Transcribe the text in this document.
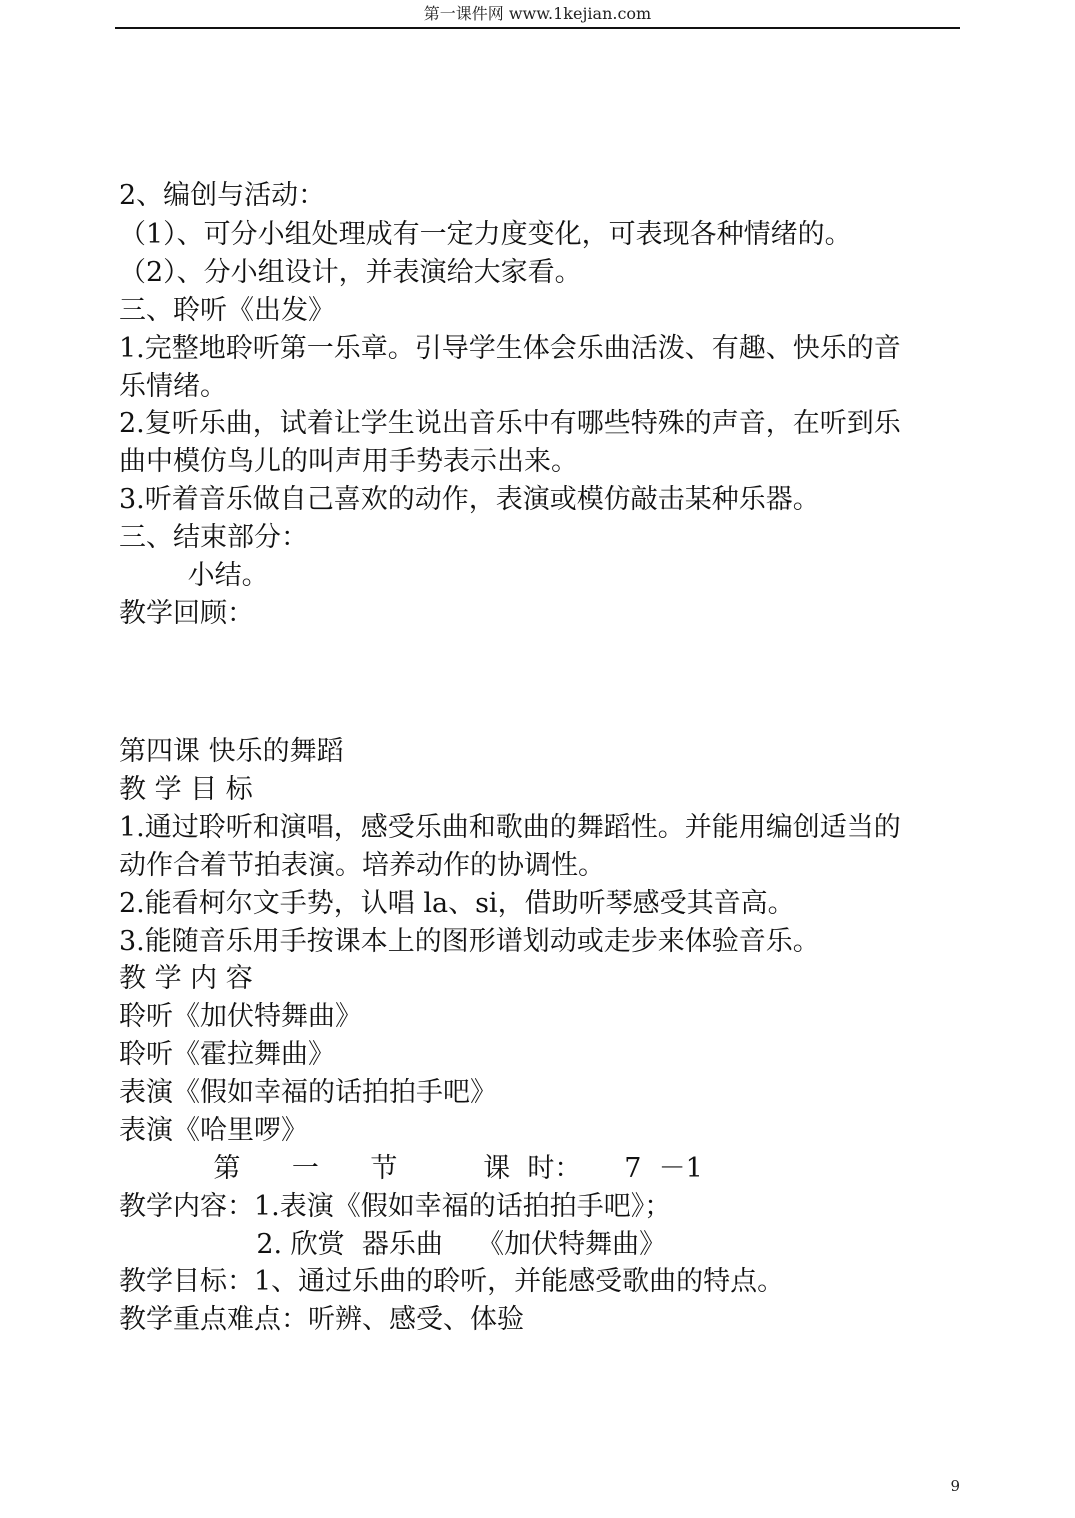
第一课件网 www.1kejian.com
2、编创与活动：
（1）、可分小组处理成有一定力度变化，可表现各种情绪的。
（2）、分小组设计，并表演给大家看。
三、聆听《出发》
1.完整地聆听第一乐章。引导学生体会乐曲活泼、有趣、快乐的音
乐情绪。
2.复听乐曲，试着让学生说出音乐中有哪些特殊的声音，在听到乐
曲中模仿鸟儿的叫声用手势表示出来。
3.听着音乐做自己喜欢的动作，表演或模仿敲击某种乐器。
三、结束部分：
小结。
教学回顾：
第四课 快乐的舞蹈
教 学 目 标
1.通过聆听和演唱，感受乐曲和歌曲的舞蹈性。并能用编创适当的
动作合着节拍表演。培养动作的协调性。
2.能看柯尔文手势，认唱 la、si，借助听琴感受其音高。
3.能随音乐用手按课本上的图形谱划动或走步来体验音乐。
教 学 内 容
聆听《加伏特舞曲》
聆听《霍拉舞曲》
表演《假如幸福的话拍拍手吧》
表演《哈里啰》
第      一      节          课  时：     7  －1
教学内容：1.表演《假如幸福的话拍拍手吧》；
2. 欣赏  器乐曲    《加伏特舞曲》
教学目标：1、通过乐曲的聆听，并能感受歌曲的特点。
教学重点难点：听辨、感受、体验
9
